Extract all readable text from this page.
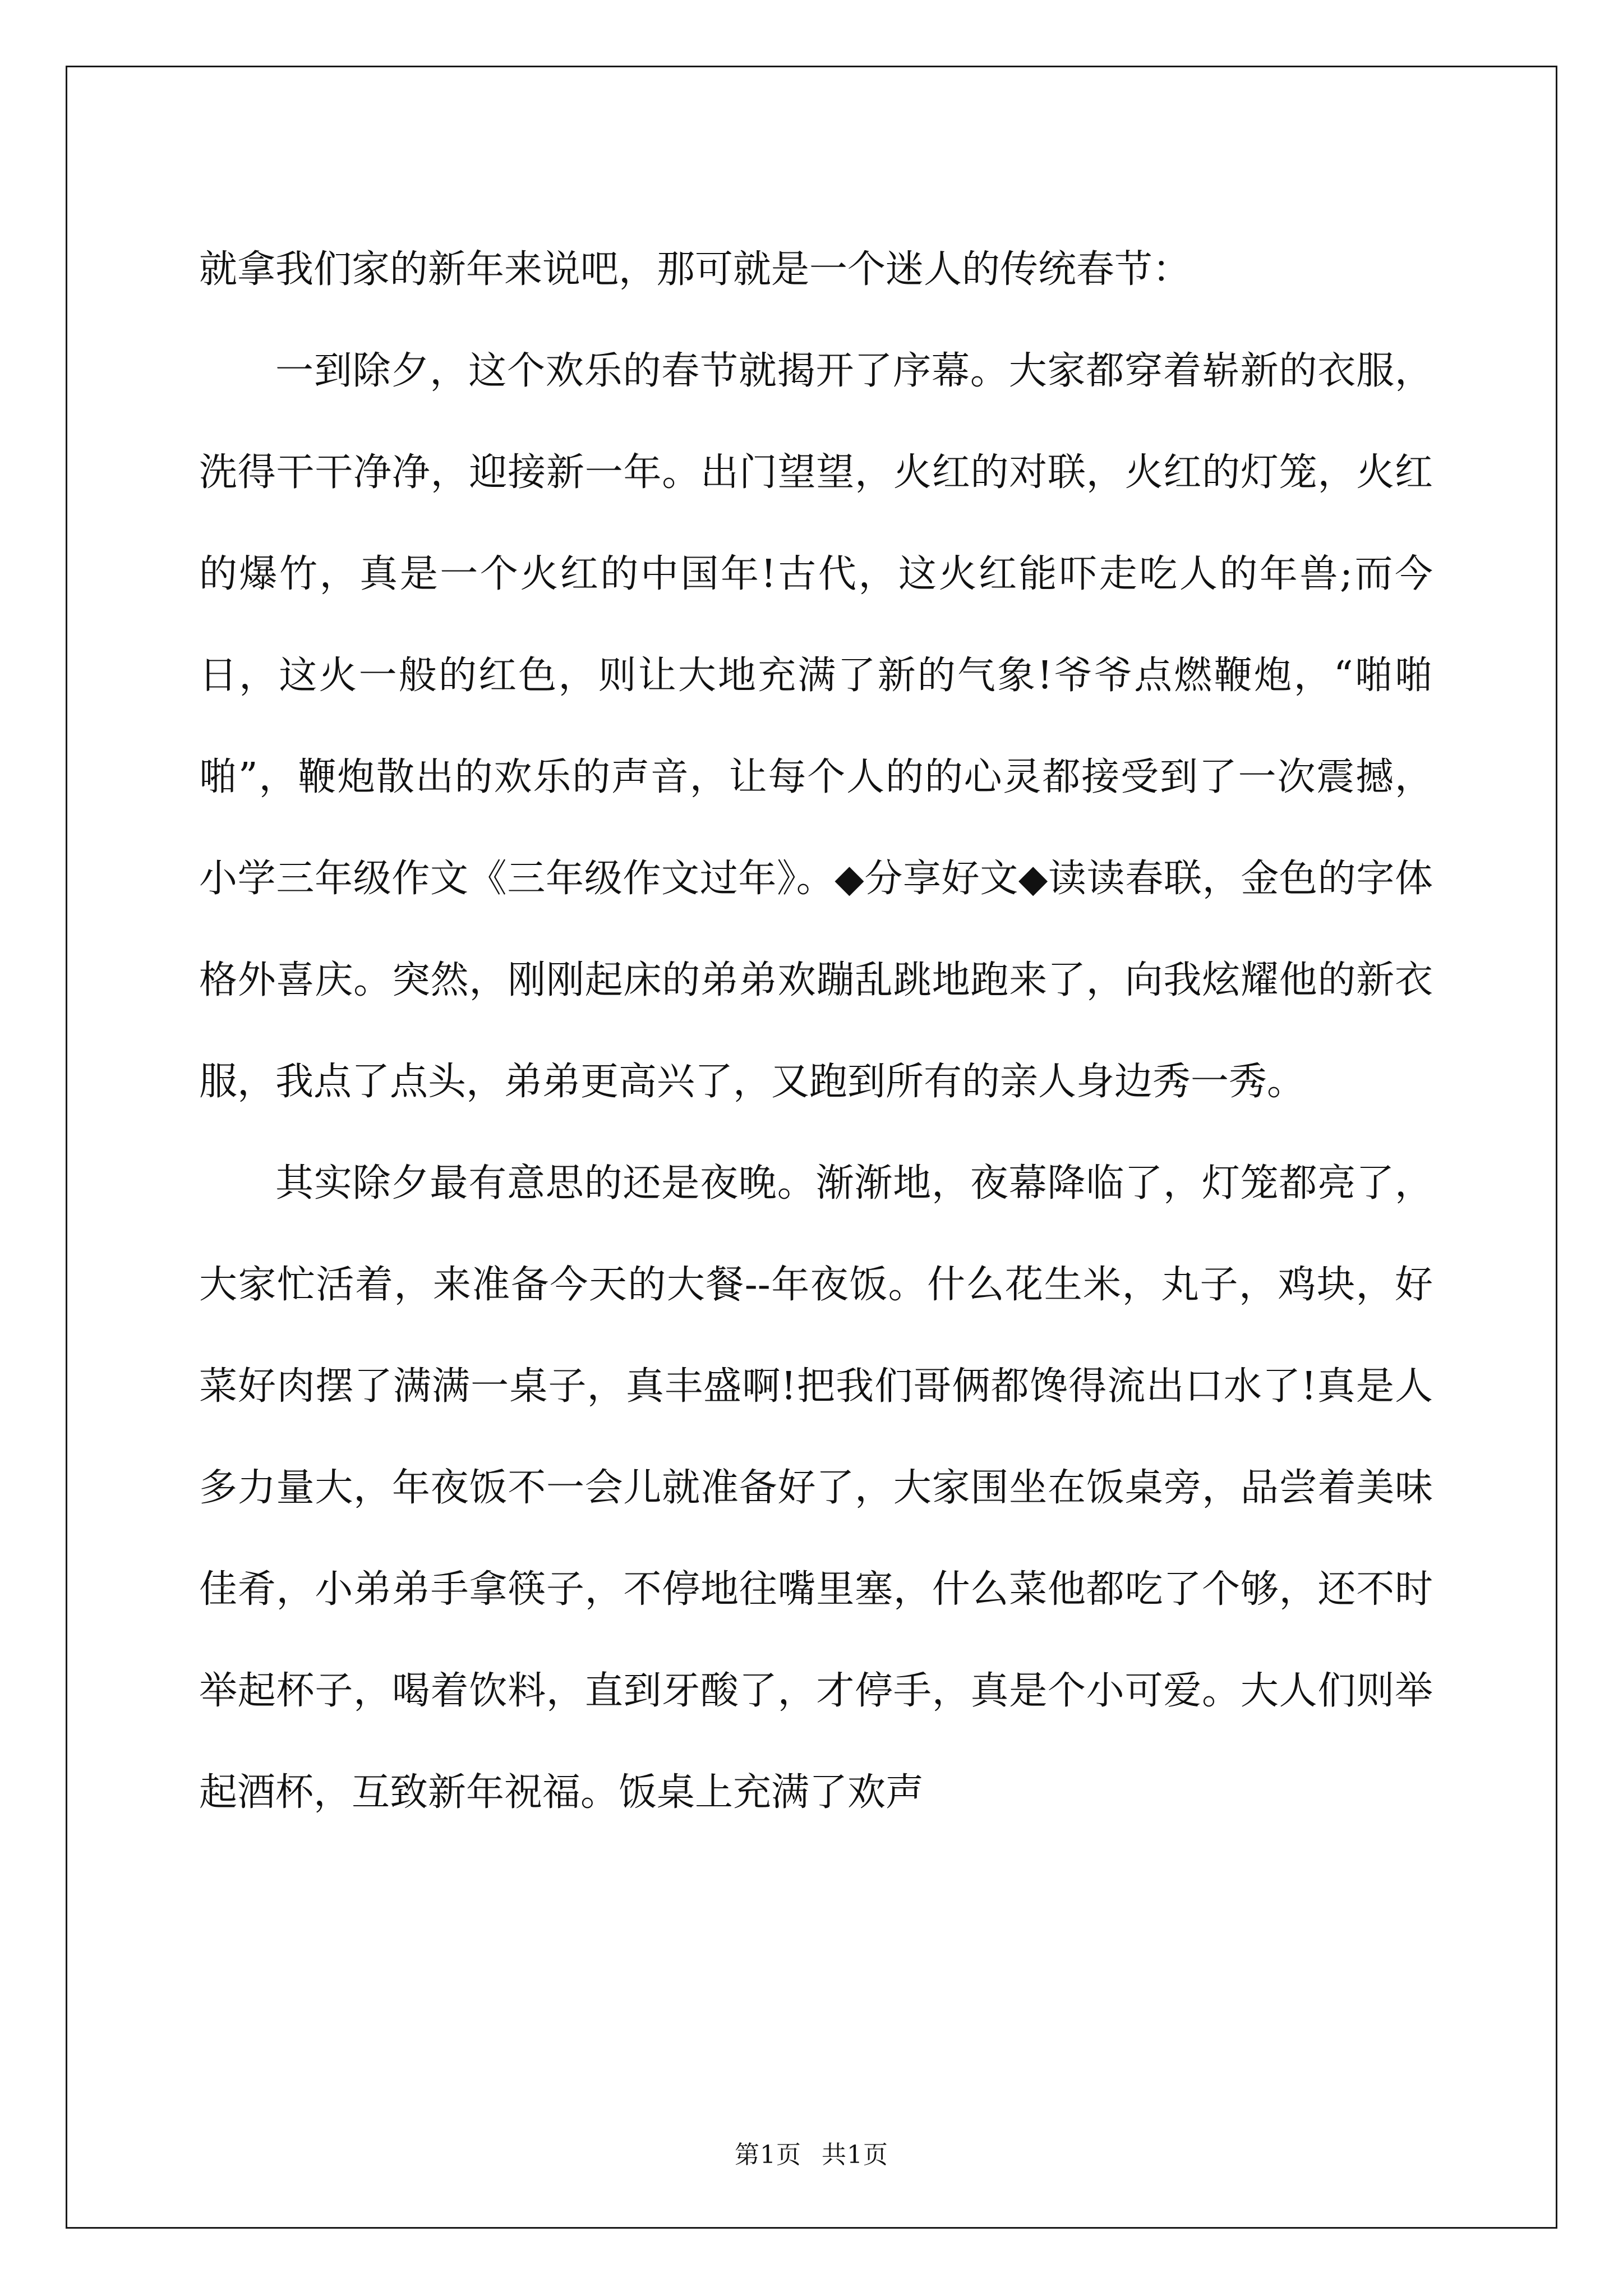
就拿我们家的新年来说吧，那可就是一个迷人的传统春节：

一到除夕，这个欢乐的春节就揭开了序幕。大家都穿着崭新的衣服，洗得干干净净，迎接新一年。出门望望，火红的对联，火红的灯笼，火红的爆竹，真是一个火红的中国年!古代，这火红能吓走吃人的年兽;而今日，这火一般的红色，则让大地充满了新的气象!爷爷点燃鞭炮，“啪啪啪”，鞭炮散出的欢乐的声音，让每个人的的心灵都接受到了一次震撼，小学三年级作文《三年级作文过年》。◆分享好文◆读读春联，金色的字体格外喜庆。突然，刚刚起床的弟弟欢蹦乱跳地跑来了，向我炫耀他的新衣服，我点了点头，弟弟更高兴了，又跑到所有的亲人身边秀一秀。

其实除夕最有意思的还是夜晚。渐渐地，夜幕降临了，灯笼都亮了，大家忙活着，来准备今天的大餐--年夜饭。什么花生米，丸子，鸡块，好菜好肉摆了满满一桌子，真丰盛啊!把我们哥俩都馋得流出口水了!真是人多力量大，年夜饭不一会儿就准备好了，大家围坐在饭桌旁，品尝着美味佳肴，小弟弟手拿筷子，不停地往嘴里塞，什么菜他都吃了个够，还不时举起杯子，喝着饮料，直到牙酸了，才停手，真是个小可爱。大人们则举起酒杯，互致新年祝福。饭桌上充满了欢声

第1页 共1页
